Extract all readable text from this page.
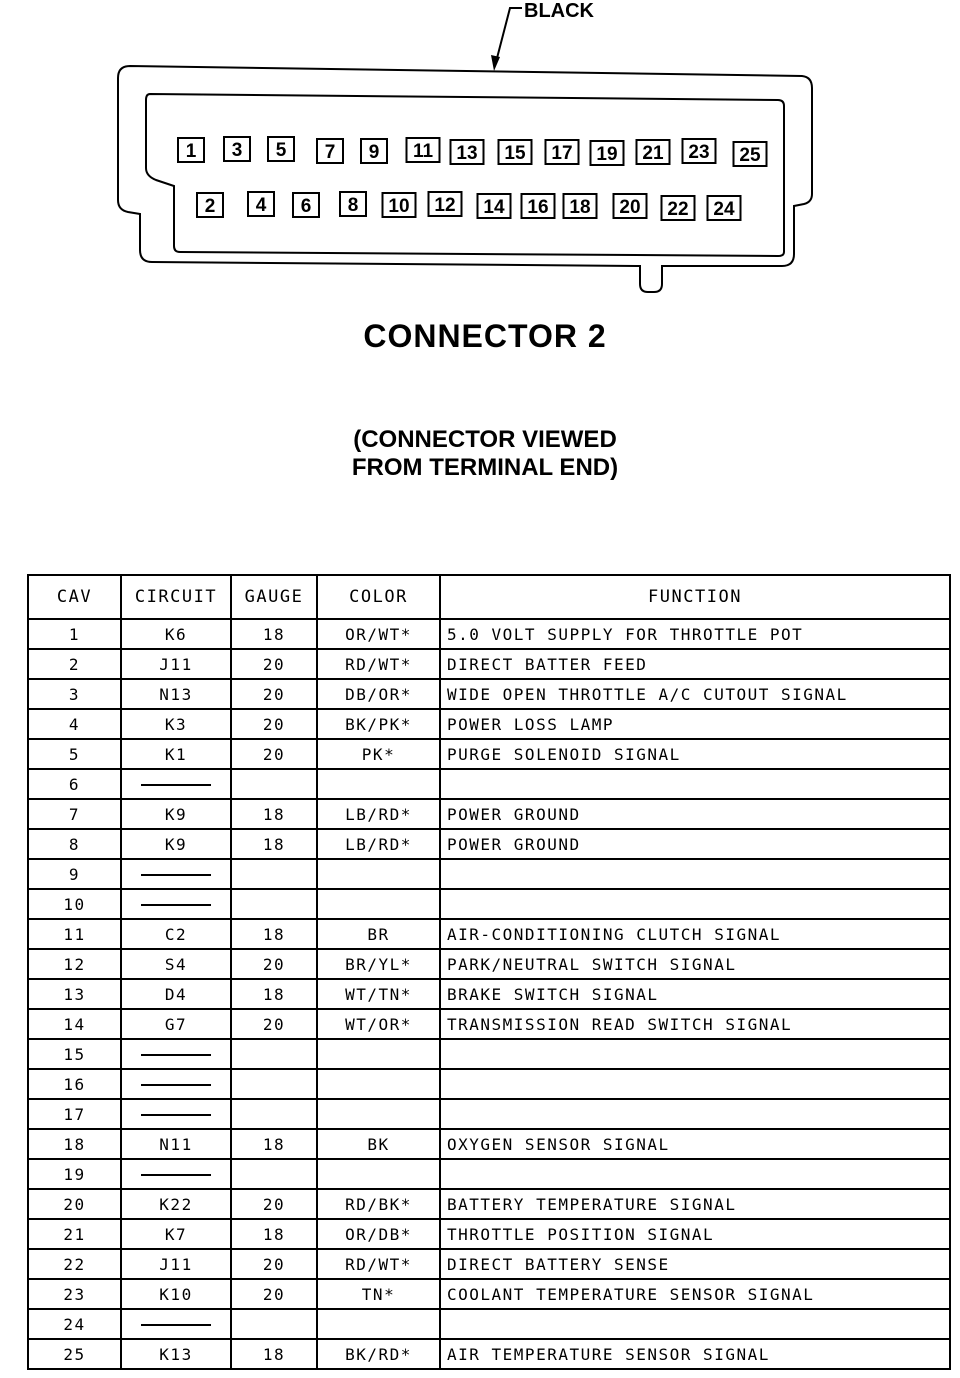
BLACK
1 3 5 7 9 11 13 15 17 19 21 23 25
2 4 6 8 10 12 14 16 18 20 22 24
CONNECTOR 2
(CONNECTOR VIEWED
FROM TERMINAL END)
CAV	CIRCUIT	GAUGE	COLOR	FUNCTION
1	K6	18	OR/WT*	5.0 VOLT SUPPLY FOR THROTTLE POT
2	J11	20	RD/WT*	DIRECT BATTER FEED
3	N13	20	DB/OR*	WIDE OPEN THROTTLE A/C CUTOUT SIGNAL
4	K3	20	BK/PK*	POWER LOSS LAMP
5	K1	20	PK*	PURGE SOLENOID SIGNAL
6				
7	K9	18	LB/RD*	POWER GROUND
8	K9	18	LB/RD*	POWER GROUND
9				
10				
11	C2	18	BR	AIR-CONDITIONING CLUTCH SIGNAL
12	S4	20	BR/YL*	PARK/NEUTRAL SWITCH SIGNAL
13	D4	18	WT/TN*	BRAKE SWITCH SIGNAL
14	G7	20	WT/OR*	TRANSMISSION READ SWITCH SIGNAL
15				
16				
17				
18	N11	18	BK	OXYGEN SENSOR SIGNAL
19				
20	K22	20	RD/BK*	BATTERY TEMPERATURE SIGNAL
21	K7	18	OR/DB*	THROTTLE POSITION SIGNAL
22	J11	20	RD/WT*	DIRECT BATTERY SENSE
23	K10	20	TN*	COOLANT TEMPERATURE SENSOR SIGNAL
24				
25	K13	18	BK/RD*	AIR TEMPERATURE SENSOR SIGNAL
